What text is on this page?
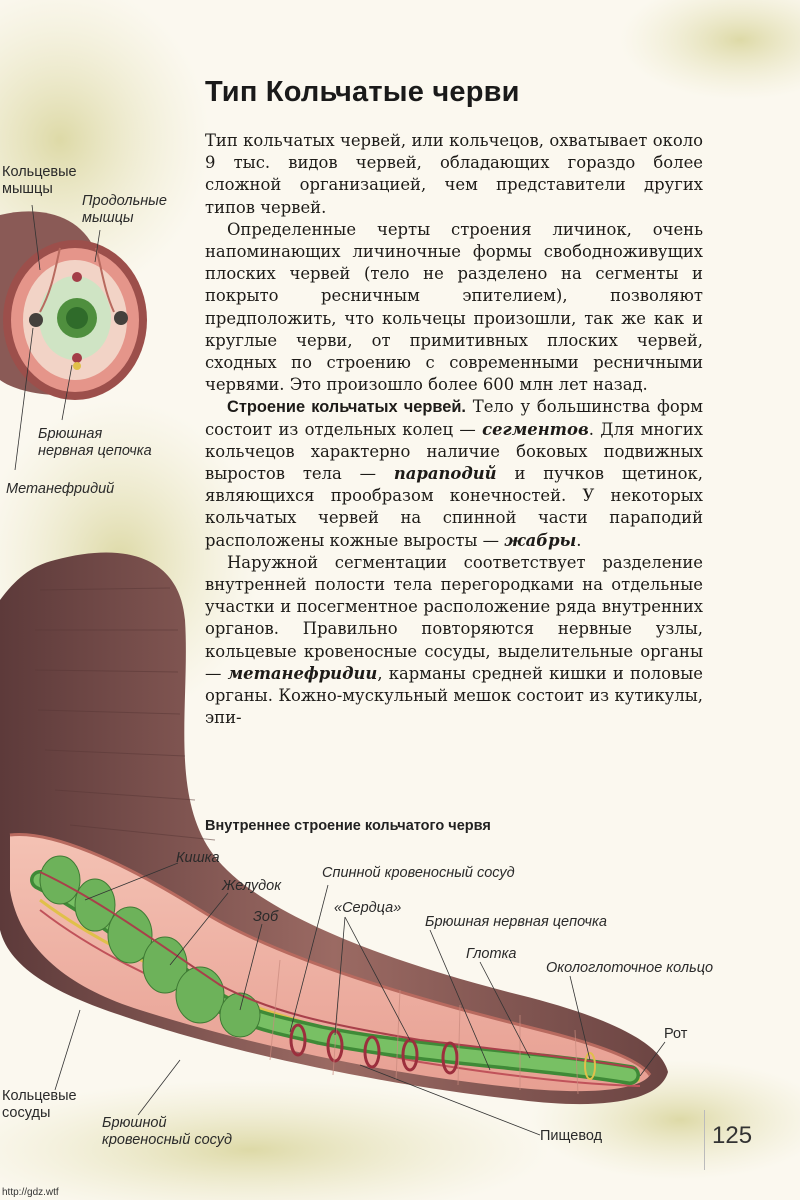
Тип Кольчатые черви

Тип кольчатых червей, или кольчецов, охватывает около 9 тыс. видов червей, обладающих гораздо более сложной организацией, чем представители других типов червей.

Определенные черты строения личинок, очень напоминающих личиночные формы свободноживущих плоских червей (тело не разделено на сегменты и покрыто ресничным эпителием), позволяют предположить, что кольчецы произошли, так же как и круглые черви, от примитивных плоских червей, сходных по строению с современными ресничными червями. Это произошло более 600 млн лет назад.

Строение кольчатых червей. Тело у большинства форм состоит из отдельных колец — сегментов. Для многих кольчецов характерно наличие боковых подвижных выростов тела — параподий и пучков щетинок, являющихся прообразом конечностей. У некоторых кольчатых червей на спинной части параподий расположены кожные выросты — жабры.

Наружной сегментации соответствует разделение внутренней полости тела перегородками на отдельные участки и посегментное расположение ряда внутренних органов. Правильно повторяются нервные узлы, кольцевые кровеносные сосуды, выделительные органы — метанефридии, карманы средней кишки и половые органы. Кожно-мускульный мешок состоит из кутикулы, эпи-

Внутреннее строение кольчатого червя
Кольцевые
мышцы
Продольные
мышцы
Брюшная
нервная цепочка
Метанефридий
Кишка
Желудок
Зоб
Спинной кровеносный сосуд
«Сердца»
Брюшная нервная цепочка
Глотка
Окологлоточное кольцо
Рот
Кольцевые
сосуды
Брюшной
кровеносный сосуд	Пищевод	125
http://gdz.wtf
